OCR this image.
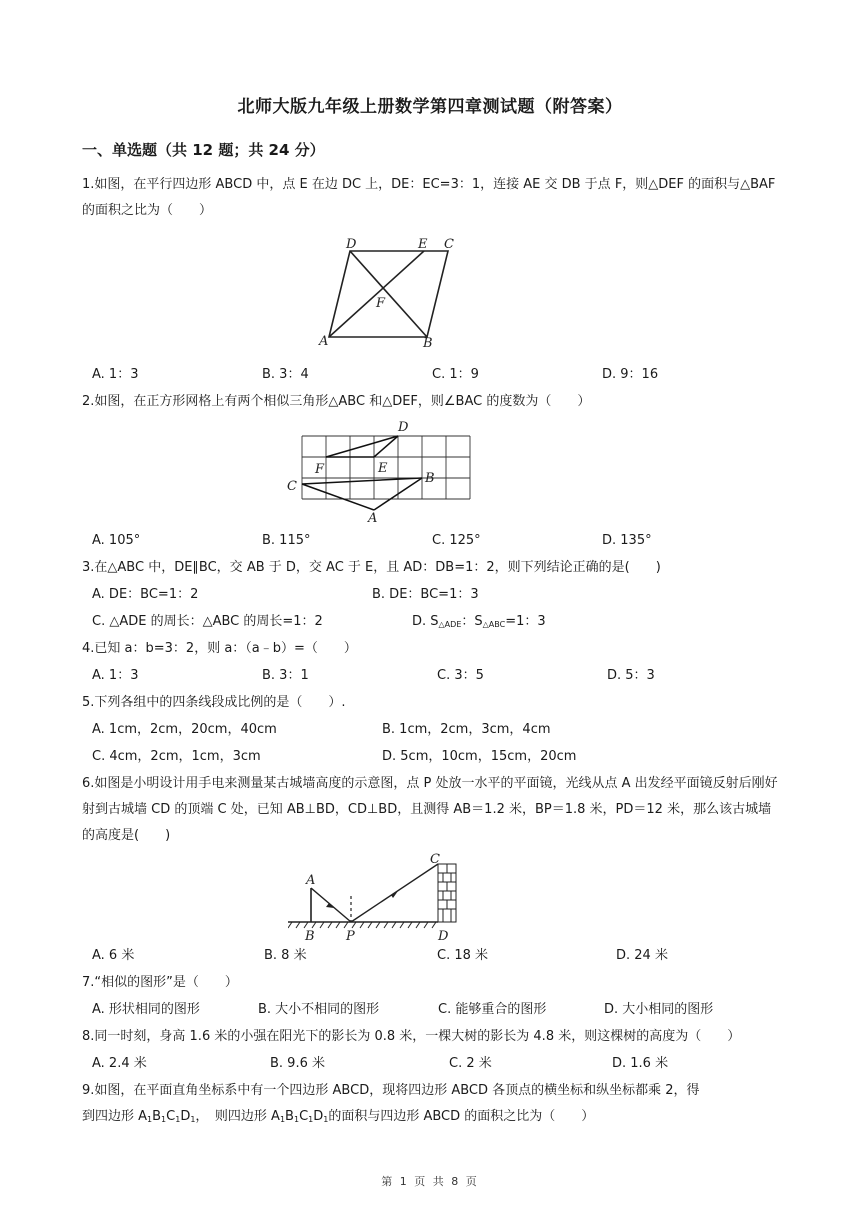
北师大版九年级上册数学第四章测试题（附答案）
一、单选题（共 12 题；共 24 分）
1.如图，在平行四边形 ABCD 中，点 E 在边 DC 上，DE：EC=3：1，连接 AE 交 DB 于点 F，则△DEF 的面积与△BAF 的面积之比为（　　）
D	E C
F
A	B
A. 1：3	B. 3：4	C. 1：9	D. 9：16
2.如图，在正方形网格上有两个相似三角形△ABC 和△DEF，则∠BAC 的度数为（　　）
D
F	E
B
C
A
A. 105°	B. 115°	C. 125°	D. 135°
3.在△ABC 中，DE∥BC，交 AB 于 D，交 AC 于 E，且 AD：DB=1：2，则下列结论正确的是(　　)
A. DE：BC=1：2	B. DE：BC=1：3
C. △ADE 的周长：△ABC 的周长=1：2	D. $S_{\triangle ADE}$：$S_{\triangle ABC}=1$：3
4.已知 a：b=3：2，则 a：（a﹣b）=（　　）
A. 1：3	B. 3：1	C. 3：5	D. 5：3
5.下列各组中的四条线段成比例的是（　　）.
A. 1cm，2cm，20cm，40cm	B. 1cm，2cm，3cm，4cm
C. 4cm，2cm，1cm，3cm	D. 5cm，10cm，15cm，20cm
6.如图是小明设计用手电来测量某古城墙高度的示意图，点 P 处放一水平的平面镜，光线从点 A 出发经平面镜反射后刚好射到古城墙 CD 的顶端 C 处，已知 AB⊥BD，CD⊥BD，且测得 AB＝1.2 米，BP＝1.8 米，PD＝12 米，那么该古城墙的高度是(　　)
C
A
B P	D
A. 6 米	B. 8 米	C. 18 米	D. 24 米
7.“相似的图形”是（　　）
A. 形状相同的图形	B. 大小不相同的图形	C. 能够重合的图形	D. 大小相同的图形
8.同一时刻，身高 1.6 米的小强在阳光下的影长为 0.8 米，一棵大树的影长为 4.8 米，则这棵树的高度为（　　）
A. 2.4 米	B. 9.6 米	C. 2 米	D. 1.6 米
9.如图，在平面直角坐标系中有一个四边形 ABCD，现将四边形 ABCD 各顶点的横坐标和纵坐标都乘 2，得
到四边形 $A_1B_1C_1D_1$，　则四边形 $A_1B_1C_1D_1$的面积与四边形 ABCD 的面积之比为（　　）
第 1 页 共 8 页
